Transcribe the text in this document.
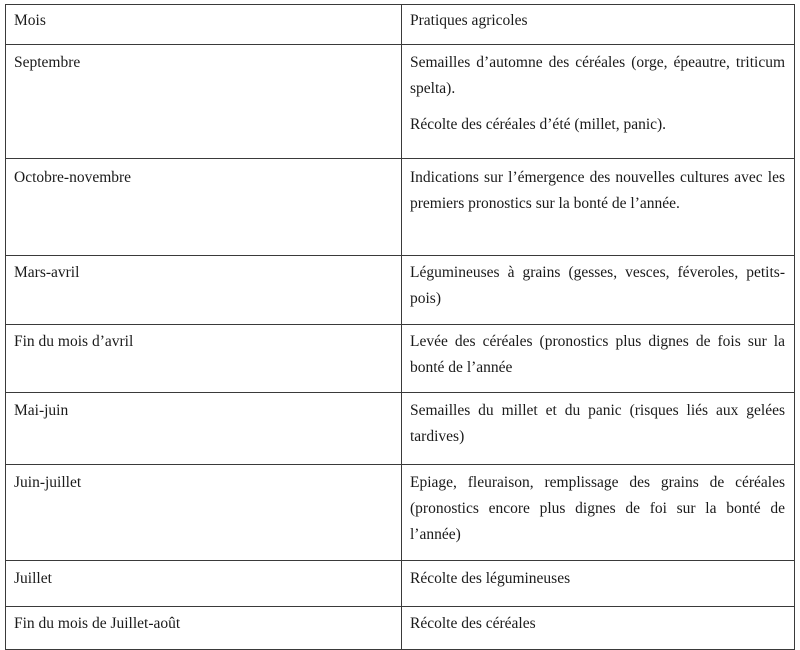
Mois	Pratiques agricoles
Septembre	Semailles d’automne des céréales (orge, épeautre, triticum spelta).
Récolte des céréales d’été (millet, panic).

Octobre-novembre	Indications sur l’émergence des nouvelles cultures avec les premiers pronostics sur la bonté de l’année.
Mars-avril	Légumineuses à grains (gesses, vesces, féveroles, petits- pois)
Fin du mois d’avril	Levée des céréales (pronostics plus dignes de fois sur la bonté de l’année
Mai-juin	Semailles du millet et du panic (risques liés aux gelées tardives)
Juin-juillet	Epiage, fleuraison, remplissage des grains de céréales (pronostics encore plus dignes de foi sur la bonté de l’année)
Juillet	Récolte des légumineuses
Fin du mois de Juillet-août	Récolte des céréales
